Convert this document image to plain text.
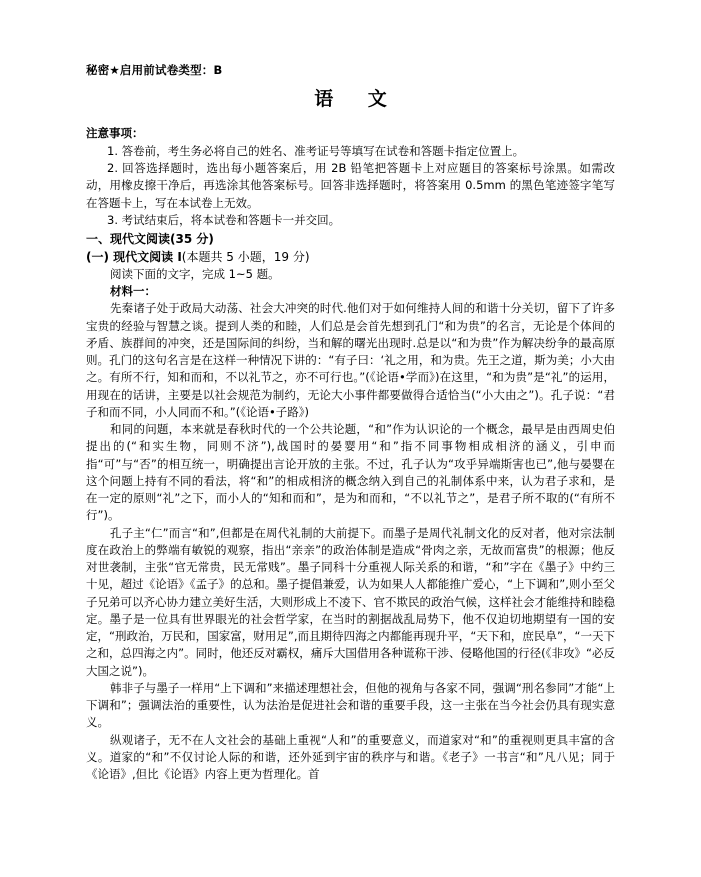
秘密★启用前试卷类型：B
语 文
注意事项：

1. 答卷前，考生务必将自己的姓名、准考证号等填写在试卷和答题卡指定位置上。

2. 回答选择题时，选出每小题答案后，用 2B 铅笔把答题卡上对应题目的答案标号涂黑。如需改动，用橡皮擦干净后，再选涂其他答案标号。回答非选择题时，将答案用 0.5mm 的黑色笔迹签字笔写在答题卡上，写在本试卷上无效。

3. 考试结束后，将本试卷和答题卡一并交回。

一、现代文阅读(35 分)
(一) 现代文阅读 I(本题共 5 小题，19 分)
阅读下面的文字，完成 1~5 题。
材料一：

先秦诸子处于政局大动荡、社会大冲突的时代.他们对于如何维持人间的和谐十分关切，留下了许多宝贵的经验与智慧之谈。提到人类的和睦，人们总是会首先想到孔门“和为贵”的名言，无论是个体间的矛盾、族群间的冲突，还是国际间的纠纷，当和解的曙光出现时.总是以“和为贵”作为解决纷争的最高原则。孔门的这句名言是在这样一种情况下讲的：“有子曰：‘礼之用，和为贵。先王之道，斯为美；小大由之。有所不行，知和而和，不以礼节之，亦不可行也。”(《论语•学而》)在这里，“和为贵”是“礼”的运用，用现在的话讲，主要是以社会规范为制约，无论大小事件都要做得合适恰当(“小大由之”)。孔子说：“君子和而不同，小人同而不和。”(《论语•子路》)

和同的问题，本来就是春秋时代的一个公共论题，“和”作为认识论的一个概念，最早是由西周史伯提出的(“和实生物，同则不济”),战国时的晏婴用“和”指不同事物相成相济的涵义，引申而指“可”与“否”的相互统一，明确提出言论开放的主张。不过，孔子认为“攻乎异端斯害也已”,他与晏婴在这个问题上持有不同的看法，将“和”的相成相济的概念纳入到自己的礼制体系中来，认为君子求和，是在一定的原则“礼”之下，而小人的“知和而和”，是为和而和，“不以礼节之”，是君子所不取的(“有所不行”)。

孔子主“仁”而言“和”,但都是在周代礼制的大前提下。而墨子是周代礼制文化的反对者，他对宗法制度在政治上的弊端有敏锐的观察，指出“亲亲”的政治体制是造成“骨肉之亲，无故而富贵”的根源；他反对世袭制，主张“官无常贵，民无常贱”。墨子同科十分重视人际关系的和谐，“和”字在《墨子》中约三十见，超过《论语》《孟子》的总和。墨子提倡兼爱，认为如果人人都能推广爱心，“上下调和”,则小至父子兄弟可以齐心协力建立美好生活，大则形成上不凌下、官不欺民的政治气候，这样社会才能维持和睦稳定。墨子是一位具有世界眼光的社会哲学家，在当时的割据战乱局势下，他不仅迫切地期望有一国的安定，“刑政治，万民和，国家富，财用足”,而且期待四海之内都能再现升平，“天下和，庶民阜”，“一天下之和，总四海之内”。同时，他还反对霸权，痛斥大国借用各种谎称干涉、侵略他国的行径(《非攻》“必反大国之说”)。

韩非子与墨子一样用“上下调和”来描述理想社会，但他的视角与各家不同，强调“刑名参同”才能“上下调和”；强调法治的重要性，认为法治是促进社会和谐的重要手段，这一主张在当今社会仍具有现实意义。

纵观诸子，无不在人文社会的基础上重视“人和”的重要意义，而道家对“和”的重视则更具丰富的含义。道家的“和”不仅讨论人际的和谐，还外延到宇宙的秩序与和谐。《老子》一书言“和”凡八见；同于《论语》,但比《论语》内容上更为哲理化。首
